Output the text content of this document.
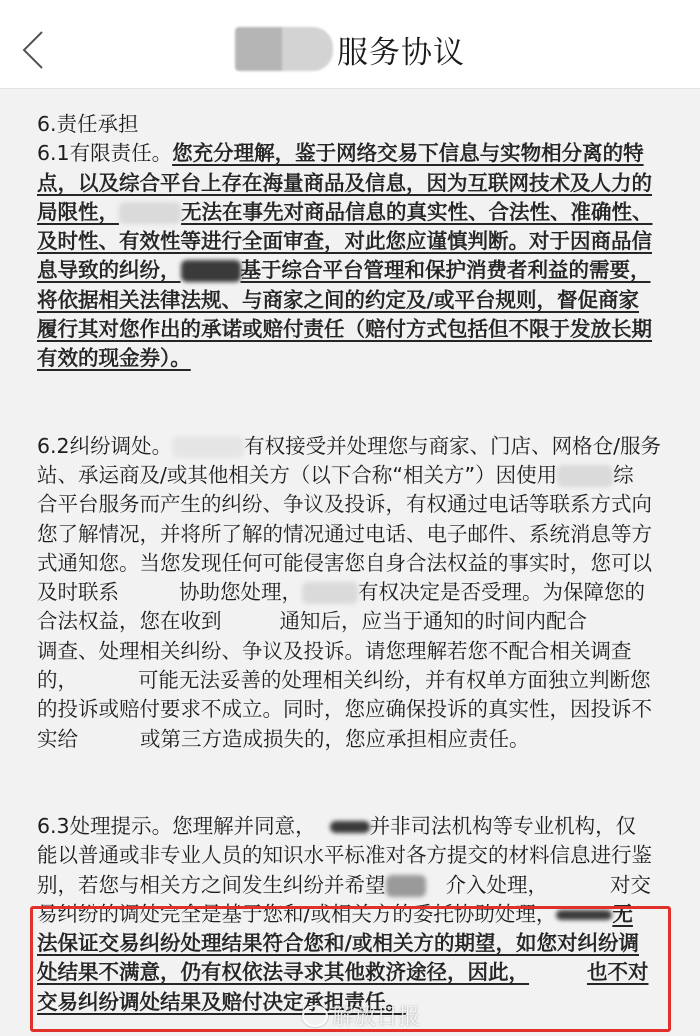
服务协议
6.责任承担
6.1有限责任。您充分理解，鉴于网络交易下信息与实物相分离的特
点，以及综合平台上存在海量商品及信息，因为互联网技术及人力的
局限性，	无法在事先对商品信息的真实性、合法性、准确性、
及时性、有效性等进行全面审查，对此您应谨慎判断。对于因商品信
息导致的纠纷，	基于综合平台管理和保护消费者利益的需要，
将依据相关法律法规、与商家之间的约定及/或平台规则，督促商家
履行其对您作出的承诺或赔付责任（赔付方式包括但不限于发放长期
有效的现金券）。
6.2纠纷调处。	有权接受并处理您与商家、门店、网格仓/服务
站、承运商及/或其他相关方（以下合称“相关方”）因使用	综
合平台服务而产生的纠纷、争议及投诉，有权通过电话等联系方式向
您了解情况，并将所了解的情况通过电话、电子邮件、系统消息等方
式通知您。当您发现任何可能侵害您自身合法权益的事实时，您可以
及时联系	协助您处理，	有权决定是否受理。为保障您的
合法权益，您在收到	通知后，应当于通知的时间内配合
调查、处理相关纠纷、争议及投诉。请您理解若您不配合相关调查
的，	可能无法妥善的处理相关纠纷，并有权单方面独立判断您
的投诉或赔付要求不成立。同时，您应确保投诉的真实性，因投诉不
实给	或第三方造成损失的，您应承担相应责任。
6.3处理提示。您理解并同意，	并非司法机构等专业机构，仅
能以普通或非专业人员的知识水平标准对各方提交的材料信息进行鉴
别，若您与相关方之间发生纠纷并希望	介入处理，	对交
易纠纷的调处完全是基于您和/或相关方的委托协助处理，	无
法保证交易纠纷处理结果符合您和/或相关方的期望，如您对纠纷调
处结果不满意，仍有权依法寻求其他救济途径，因此，	也不对
交易纠纷调处结果及赔付决定承担责任。
解放日报
